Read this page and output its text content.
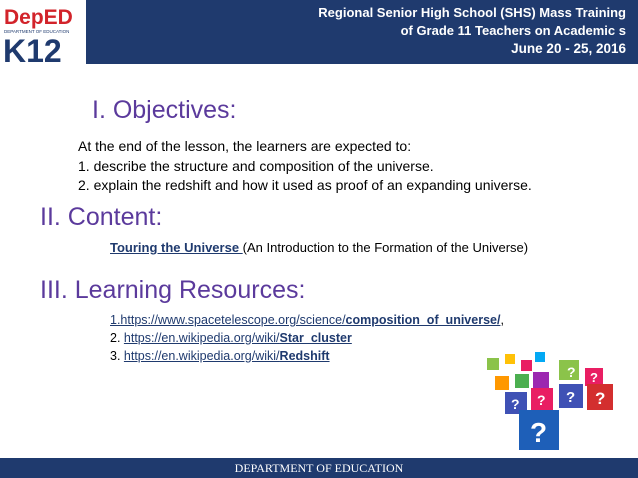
DepED
DEPARTMENT OF EDUCATION
K12
Regional Senior High School (SHS) Mass Training
of Grade 11 Teachers on Academic s
June 20 - 25, 2016
I. Objectives:
At the end of the lesson, the learners are expected to:
1. describe the structure and composition of the universe.
2. explain the redshift and how it used as proof of an expanding universe.
II. Content:
Touring the Universe (An Introduction to the Formation of the Universe)
III. Learning Resources:
1.https://www.spacetelescope.org/science/composition_of_universe/,
2. https://en.wikipedia.org/wiki/Star_cluster
3. https://en.wikipedia.org/wiki/Redshift
? ?
? ? ? ?
?
DEPARTMENT OF EDUCATION
